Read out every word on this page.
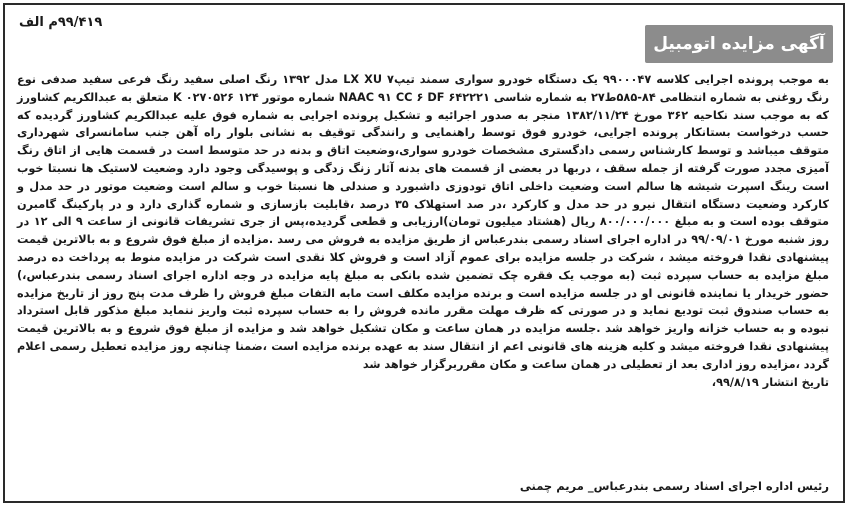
۹۹/۴۱۹م الف
آگهی مزایده اتومبیل

به موجب پرونده اجرایی کلاسه ۹۹۰۰۰۴۷ یک دستگاه خودرو سواری سمند تیپ۷ LX XU مدل ۱۳۹۲ رنگ اصلی سفید رنگ فرعی سفید صدفی نوع رنگ روغنی به شماره انتظامی ۸۴-۵۸۵ط۲۷ به شماره شاسی NAAC ۹۱ CC ۶ DF ۶۴۲۲۲۱ شماره موتور ۱۲۴ K ۰۲۷۰۵۲۶ متعلق به عبدالکریم کشاورز که به موجب سند نکاحیه ۳۶۲ مورخ ۱۳۸۲/۱۱/۲۴ منجر به صدور اجرائیه و تشکیل پرونده اجرایی به شماره فوق علیه عبدالکریم کشاورز گردیده که حسب درخواست بستانکار پرونده اجرایی، خودرو فوق توسط راهنمایی و رانندگی توقیف به نشانی بلوار راه آهن جنب سامانسرای شهرداری متوقف میباشد و توسط کارشناس رسمی دادگستری مشخصات خودرو سواری،وضعیت اتاق و بدنه در حد متوسط است در قسمت هایی از اتاق رنگ آمیزی مجدد صورت گرفته از جمله سقف ، دربها در بعضی از قسمت های بدنه آثار زنگ زدگی و پوسیدگی وجود دارد وضعیت لاستیک ها نسبتا خوب است رینگ اسپرت شیشه ها سالم است وضعیت داخلی اتاق تودوزی داشبورد و صندلی ها نسبتا خوب و سالم است وضعیت موتور در حد مدل و کارکرد وضعیت دستگاه انتقال نیرو در حد مدل و کارکرد ،در صد استهلاک ۳۵ درصد ،قابلیت بازسازی و شماره گذاری دارد و در پارکینگ گامبرن متوقف بوده است و به مبلغ ۸۰۰/۰۰۰/۰۰۰ ریال (هشتاد میلیون تومان)ارزیابی و قطعی گردیده،پس از جری تشریفات قانونی از ساعت ۹ الی ۱۲ در روز شنبه مورخ ۹۹/۰۹/۰۱ در اداره اجرای اسناد رسمی بندرعباس از طریق مزایده به فروش می رسد .مزایده از مبلغ فوق شروع و به بالاترین قیمت پیشنهادی نقدا فروخته میشد ، شرکت در جلسه مزایده برای عموم آزاد است و فروش کلا نقدی است شرکت در مزایده منوط به پرداخت ده درصد مبلغ مزایده به حساب سپرده ثبت (به موجب یک فقره چک تضمین شده بانکی به مبلغ پایه مزایده در وجه اداره اجرای اسناد رسمی بندرعباس،) حضور خریدار یا نماینده قانونی او در جلسه مزایده است و برنده مزایده مکلف است مابه التفات مبلغ فروش را ظرف مدت پنج روز از تاریخ مزایده به حساب صندوق ثبت تودیع نماید و در صورتی که ظرف مهلت مقرر مانده فروش را به حساب سپرده ثبت واریز ننماید مبلغ مذکور قابل استرداد نبوده و به حساب خزانه واریز خواهد شد .جلسه مزایده در همان ساعت و مکان تشکیل خواهد شد و مزایده از مبلغ فوق شروع و به بالاترین قیمت پیشنهادی نقدا فروخته میشد و کلیه هزینه های قانونی اعم از انتقال سند به عهده برنده مزایده است ،ضمنا چنانچه روز مزایده تعطیل رسمی اعلام گردد ،مزایده روز اداری بعد از تعطیلی در همان ساعت و مکان مقرربرگزار خواهد شد

تاریخ انتشار ۹۹/۸/۱۹،

رئیس اداره اجرای اسناد رسمی بندرعباس_ مریم چمنی
